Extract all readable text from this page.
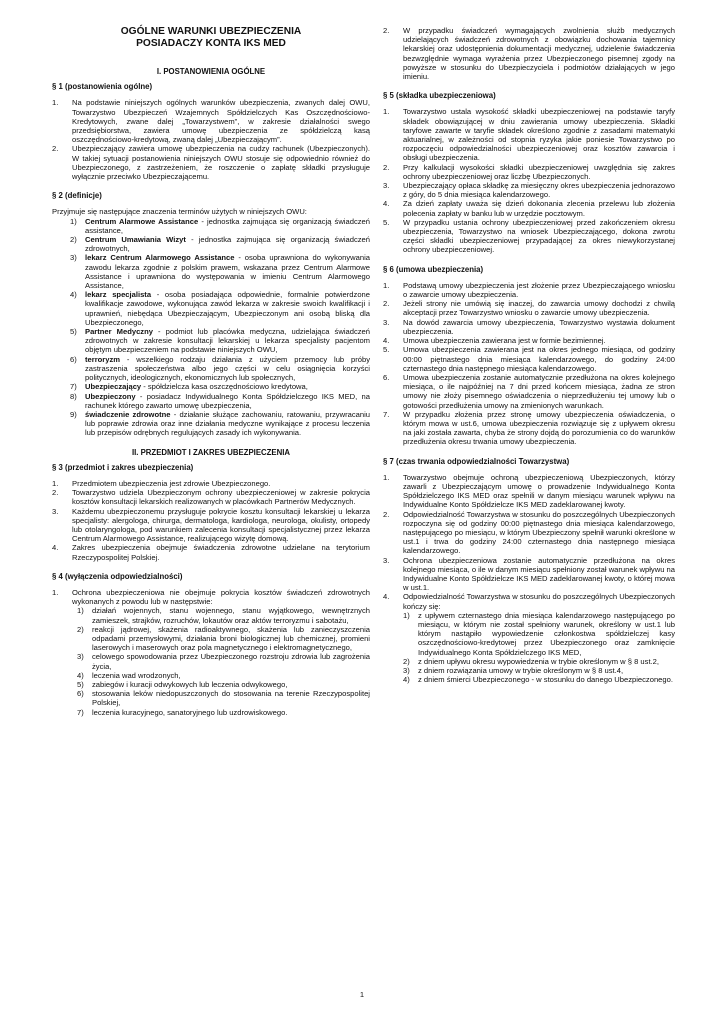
OGÓLNE WARUNKI UBEZPIECZENIA
POSIADACZY KONTA IKS MED
I. POSTANOWIENIA OGÓLNE
§ 1 (postanowienia ogólne)
1. Na podstawie niniejszych ogólnych warunków ubezpieczenia, zwanych dalej OWU, Towarzystwo Ubezpieczeń Wzajemnych Spółdzielczych Kas Oszczędnościowo-Kredytowych, zwane dalej „Towarzystwem”, w zakresie działalności swego przedsiębiorstwa, zawiera umowę ubezpieczenia ze spółdzielczą kasą oszczędnościowo-kredytową, zwaną dalej „Ubezpieczającym”.
2. Ubezpieczający zawiera umowę ubezpieczenia na cudzy rachunek (Ubezpieczonych). W takiej sytuacji postanowienia niniejszych OWU stosuje się odpowiednio również do Ubezpieczonego, z zastrzeżeniem, że roszczenie o zapłatę składki przysługuje wyłącznie przeciwko Ubezpieczającemu.
§ 2 (definicje)
Przyjmuje się następujące znaczenia terminów użytych w niniejszych OWU:
1) Centrum Alarmowe Assistance - jednostka zajmująca się organizacją świadczeń assistance,
2) Centrum Umawiania Wizyt - jednostka zajmująca się organizacją świadczeń zdrowotnych,
3) lekarz Centrum Alarmowego Assistance - osoba uprawniona do wykonywania zawodu lekarza zgodnie z polskim prawem, wskazana przez Centrum Alarmowe Assistance i uprawniona do występowania w imieniu Centrum Alarmowego Assistance,
4) lekarz specjalista - osoba posiadająca odpowiednie, formalnie potwierdzone kwalifikacje zawodowe, wykonująca zawód lekarza w zakresie swoich kwalifikacji i uprawnień, niebędąca Ubezpieczającym, Ubezpieczonym ani osobą bliską dla Ubezpieczonego,
5) Partner Medyczny - podmiot lub placówka medyczna, udzielająca świadczeń zdrowotnych w zakresie konsultacji lekarskiej u lekarza specjalisty pacjentom objętym ubezpieczeniem na podstawie niniejszych OWU,
6) terroryzm - wszelkiego rodzaju działania z użyciem przemocy lub próby zastraszenia społeczeństwa albo jego części w celu osiągnięcia korzyści politycznych, ideologicznych, ekonomicznych lub społecznych,
7) Ubezpieczający - spółdzielcza kasa oszczędnościowo kredytowa,
8) Ubezpieczony - posiadacz Indywidualnego Konta Spółdzielczego IKS MED, na rachunek którego zawarto umowę ubezpieczenia,
9) świadczenie zdrowotne - działanie służące zachowaniu, ratowaniu, przywracaniu lub poprawie zdrowia oraz inne działania medyczne wynikające z procesu leczenia lub przepisów odrębnych regulujących zasady ich wykonywania.
II. PRZEDMIOT I ZAKRES UBEZPIECZENIA
§ 3 (przedmiot i zakres ubezpieczenia)
1. Przedmiotem ubezpieczenia jest zdrowie Ubezpieczonego.
2. Towarzystwo udziela Ubezpieczonym ochrony ubezpieczeniowej w zakresie pokrycia kosztów konsultacji lekarskich realizowanych w placówkach Partnerów Medycznych.
3. Każdemu ubezpieczonemu przysługuje pokrycie kosztu konsultacji lekarskiej u lekarza specjalisty: alergologa, chirurga, dermatologa, kardiologa, neurologa, okulisty, ortopedy lub otolaryngologa, pod warunkiem zalecenia konsultacji specjalistycznej przez lekarza Centrum Alarmowego Assistance, realizującego wizytę domową.
4. Zakres ubezpieczenia obejmuje świadczenia zdrowotne udzielane na terytorium Rzeczypospolitej Polskiej.
§ 4 (wyłączenia odpowiedzialności)
1. Ochrona ubezpieczeniowa nie obejmuje pokrycia kosztów świadczeń zdrowotnych wykonanych z powodu lub w następstwie:
1) działań wojennych, stanu wojennego, stanu wyjątkowego, wewnętrznych zamieszek, strajków, rozruchów, lokautów oraz aktów terroryzmu i sabotażu,
2) reakcji jądrowej, skażenia radioaktywnego, skażenia lub zanieczyszczenia odpadami przemysłowymi, działania broni biologicznej lub chemicznej, promieni laserowych i maserowych oraz pola magnetycznego i elektromagnetycznego,
3) celowego spowodowania przez Ubezpieczonego rozstroju zdrowia lub zagrożenia życia,
4) leczenia wad wrodzonych,
5) zabiegów i kuracji odwykowych lub leczenia odwykowego,
6) stosowania leków niedopuszczonych do stosowania na terenie Rzeczypospolitej Polskiej,
7) leczenia kuracyjnego, sanatoryjnego lub uzdrowiskowego.
2. W przypadku świadczeń wymagających zwolnienia służb medycznych udzielających świadczeń zdrowotnych z obowiązku dochowania tajemnicy lekarskiej oraz udostępnienia dokumentacji medycznej, udzielenie świadczenia bezwzględnie wymaga wyrażenia przez Ubezpieczonego pisemnej zgody na powyższe w stosunku do Ubezpieczyciela i podmiotów działających w jego imieniu.
§ 5 (składka ubezpieczeniowa)
1. Towarzystwo ustala wysokość składki ubezpieczeniowej na podstawie taryfy składek obowiązującej w dniu zawierania umowy ubezpieczenia. Składki taryfowe zawarte w taryfie składek określono zgodnie z zasadami matematyki aktuarialnej, w zależności od stopnia ryzyka jakie poniesie Towarzystwo po rozpoczęciu odpowiedzialności ubezpieczeniowej oraz kosztów zawarcia i obsługi ubezpieczenia.
2. Przy kalkulacji wysokości składki ubezpieczeniowej uwzględnia się zakres ochrony ubezpieczeniowej oraz liczbę Ubezpieczonych.
3. Ubezpieczający opłaca składkę za miesięczny okres ubezpieczenia jednorazowo z góry, do 5 dnia miesiąca kalendarzowego.
4. Za dzień zapłaty uważa się dzień dokonania zlecenia przelewu lub złożenia polecenia zapłaty w banku lub w urzędzie pocztowym.
5. W przypadku ustania ochrony ubezpieczeniowej przed zakończeniem okresu ubezpieczenia, Towarzystwo na wniosek Ubezpieczającego, dokona zwrotu części składki ubezpieczeniowej przypadającej za okres niewykorzystanej ochrony ubezpieczeniowej.
§ 6 (umowa ubezpieczenia)
1. Podstawą umowy ubezpieczenia jest złożenie przez Ubezpieczającego wniosku o zawarcie umowy ubezpieczenia.
2. Jeżeli strony nie umówią się inaczej, do zawarcia umowy dochodzi z chwilą akceptacji przez Towarzystwo wniosku o zawarcie umowy ubezpieczenia.
3. Na dowód zawarcia umowy ubezpieczenia, Towarzystwo wystawia dokument ubezpieczenia.
4. Umowa ubezpieczenia zawierana jest w formie bezimiennej.
5. Umowa ubezpieczenia zawierana jest na okres jednego miesiąca, od godziny 00:00 piętnastego dnia miesiąca kalendarzowego, do godziny 24:00 czternastego dnia następnego miesiąca kalendarzowego.
6. Umowa ubezpieczenia zostanie automatycznie przedłużona na okres kolejnego miesiąca, o ile najpóźniej na 7 dni przed końcem miesiąca, żadna ze stron umowy nie złoży pisemnego oświadczenia o nieprzedłużeniu tej umowy lub o gotowości przedłużenia umowy na zmienionych warunkach.
7. W przypadku złożenia przez stronę umowy ubezpieczenia oświadczenia, o którym mowa w ust.6, umowa ubezpieczenia rozwiązuje się z upływem okresu na jaki została zawarta, chyba że strony dojdą do porozumienia co do warunków przedłużenia okresu trwania umowy ubezpieczenia.
§ 7 (czas trwania odpowiedzialności Towarzystwa)
1. Towarzystwo obejmuje ochroną ubezpieczeniową Ubezpieczonych, którzy zawarli z Ubezpieczającym umowę o prowadzenie Indywidualnego Konta Spółdzielczego IKS MED oraz spełnili w danym miesiącu warunek wpływu na Indywidualne Konto Spółdzielcze IKS MED zadeklarowanej kwoty.
2. Odpowiedzialność Towarzystwa w stosunku do poszczególnych Ubezpieczonych rozpoczyna się od godziny 00:00 piętnastego dnia miesiąca kalendarzowego, następującego po miesiącu, w którym Ubezpieczony spełnił warunki określone w ust.1 i trwa do godziny 24:00 czternastego dnia następnego miesiąca kalendarzowego.
3. Ochrona ubezpieczeniowa zostanie automatycznie przedłużona na okres kolejnego miesiąca, o ile w danym miesiącu spełniony został warunek wpływu na Indywidualne Konto Spółdzielcze IKS MED zadeklarowanej kwoty, o której mowa w ust.1.
4. Odpowiedzialność Towarzystwa w stosunku do poszczególnych Ubezpieczonych kończy się:
1) z upływem czternastego dnia miesiąca kalendarzowego następującego po miesiącu, w którym nie został spełniony warunek, określony w ust.1 lub którym nastąpiło wypowiedzenie członkostwa spółdzielczej kasy oszczędnościowo-kredytowej przez Ubezpieczonego oraz zamknięcie Indywidualnego Konta Spółdzielczego IKS MED,
2) z dniem upływu okresu wypowiedzenia w trybie określonym w § 8 ust.2,
3) z dniem rozwiązania umowy w trybie określonym w § 8 ust.4,
4) z dniem śmierci Ubezpieczonego - w stosunku do danego Ubezpieczonego.
1
